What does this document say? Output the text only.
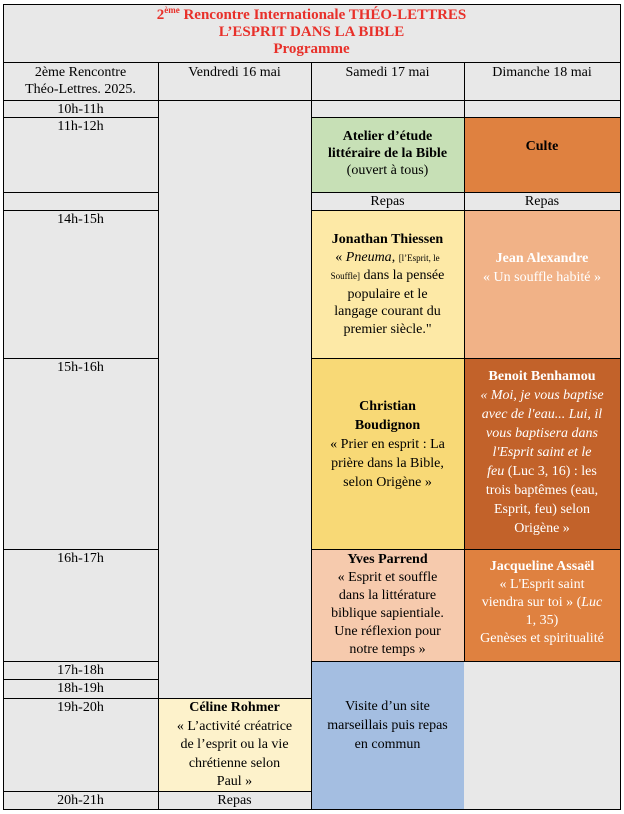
2ème Rencontre Internationale THÉO-LETTRES
L’ESPRIT DANS LA BIBLE
Programme
2ème Rencontre
Théo-Lettres. 2025.
Vendredi 16 mai	Samedi 17 mai	Dimanche 18 mai
10h-11h
11h-12h
14h-15h
15h-16h
16h-17h
17h-18h
18h-19h
19h-20h
20h-21h
Atelier d’étude
littéraire de la Bible
(ouvert à tous)
Repas
Jonathan Thiessen
« Pneuma, [l’Esprit, le
Souffle] dans la pensée
populaire et le
langage courant du
premier siècle."
Christian
Boudignon
« Prier en esprit : La
prière dans la Bible,
selon Origène »
Yves Parrend
« Esprit et souffle
dans la littérature
biblique sapientiale.
Une réflexion pour
notre temps »
Visite d’un site
marseillais puis repas
en commun
Culte
Repas
Jean Alexandre
« Un souffle habité »
Benoit Benhamou
« Moi, je vous baptise
avec de l'eau... Lui, il
vous baptisera dans
l'Esprit saint et le
feu (Luc 3, 16) : les
trois baptêmes (eau,
Esprit, feu) selon
Origène »
Jacqueline Assaël
« L'Esprit saint
viendra sur toi » (Luc
1, 35)
Genèses et spiritualité
Céline Rohmer
« L’activité créatrice
de l’esprit ou la vie
chrétienne selon
Paul »
Repas
